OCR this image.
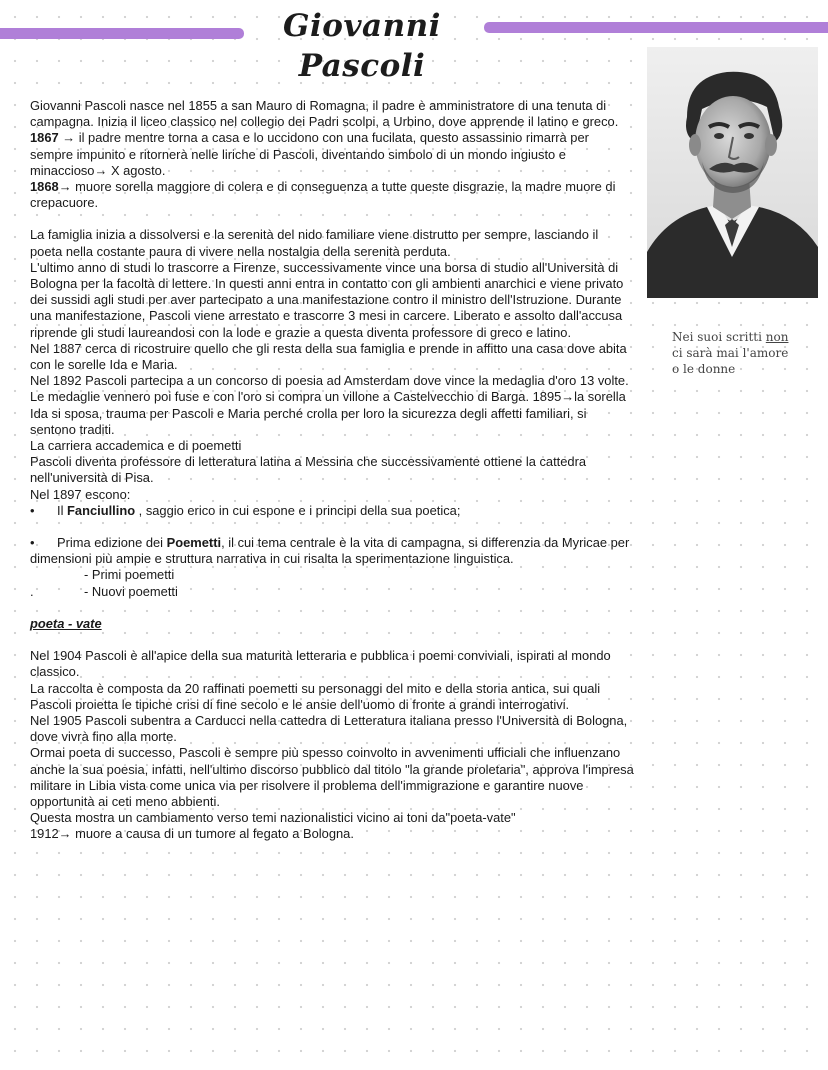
Giovanni Pascoli
Nei suoi scritti non ci sarà mai l'amore o le donne

Giovanni Pascoli nasce nel 1855 a san Mauro di Romagna, il padre è amministratore di una tenuta di campagna. Inizia il liceo classico nel collegio dei Padri scolpi, a Urbino, dove apprende il latino e greco.

1867 → il padre mentre torna a casa e lo uccidono con una fucilata, questo assassinio rimarrà per sempre impunito e ritornerà nelle liriche di Pascoli, diventando simbolo di un mondo ingiusto e minaccioso→ X agosto.

1868→ muore sorella maggiore di colera e di conseguenza a tutte queste disgrazie, la madre muore di crepacuore.

La famiglia inizia a dissolversi e la serenità del nido familiare viene distrutto per sempre, lasciando il poeta nella costante paura di vivere nella nostalgia della serenità perduta.

L'ultimo anno di studi lo trascorre a Firenze, successivamente vince una borsa di studio all'Università di Bologna per la facoltà di lettere. In questi anni entra in contatto con gli ambienti anarchici e viene privato dei sussidi agli studi per aver partecipato a una manifestazione contro il ministro dell'Istruzione. Durante una manifestazione, Pascoli viene arrestato e trascorre 3 mesi in carcere. Liberato e assolto dall'accusa riprende gli studi laureandosi con la lode e grazie a questa diventa professore di greco e latino.

Nel 1887 cerca di ricostruire quello che gli resta della sua famiglia e prende in affitto una casa dove abita con le sorelle Ida e Maria.

Nel 1892 Pascoli partecipa a un concorso di poesia ad Amsterdam dove vince la medaglia d'oro 13 volte.

Le medaglie vennero poi fuse e con l'oro si compra un villone a Castelvecchio di Barga. 1895→la sorella Ida si sposa, trauma per Pascoli e Maria perché crolla per loro la sicurezza degli affetti familiari, si sentono traditi.

La carriera accademica e di poemetti

Pascoli diventa professore di letteratura latina a Messina che successivamente ottiene la cattedra nell'università di Pisa.

Nel 1897 escono:

• Il Fanciullino , saggio erico in cui espone e i principi della sua poetica;

• Prima edizione dei Poemetti, il cui tema centrale è la vita di campagna, si differenzia da Myricae per dimensioni più ampie e struttura narrativa in cui risalta la sperimentazione linguistica.

- Primi poemetti

.	- Nuovi poemetti

poeta - vate

Nel 1904 Pascoli è all'apice della sua maturità letteraria e pubblica i poemi conviviali, ispirati al mondo classico.

La raccolta è composta da 20 raffinati poemetti su personaggi del mito e della storia antica, sui quali

Pascoli proietta le tipiche crisi di fine secolo e le ansie dell'uomo di fronte a grandi interrogativi.

Nel 1905 Pascoli subentra a Carducci nella cattedra di Letteratura italiana presso l'Università di Bologna, dove vivrà fino alla morte.

Ormai poeta di successo, Pascoli è sempre più spesso coinvolto in avvenimenti ufficiali che influenzano anche la sua poesia, infatti, nell'ultimo discorso pubblico dal titolo "la grande proletaria", approva l'impresa militare in Libia vista come unica via per risolvere il problema dell'immigrazione e garantire nuove opportunità ai ceti meno abbienti.

Questa mostra un cambiamento verso temi nazionalistici vicino ai toni da"poeta-vate"

1912→ muore a causa di un tumore al fegato a Bologna.
